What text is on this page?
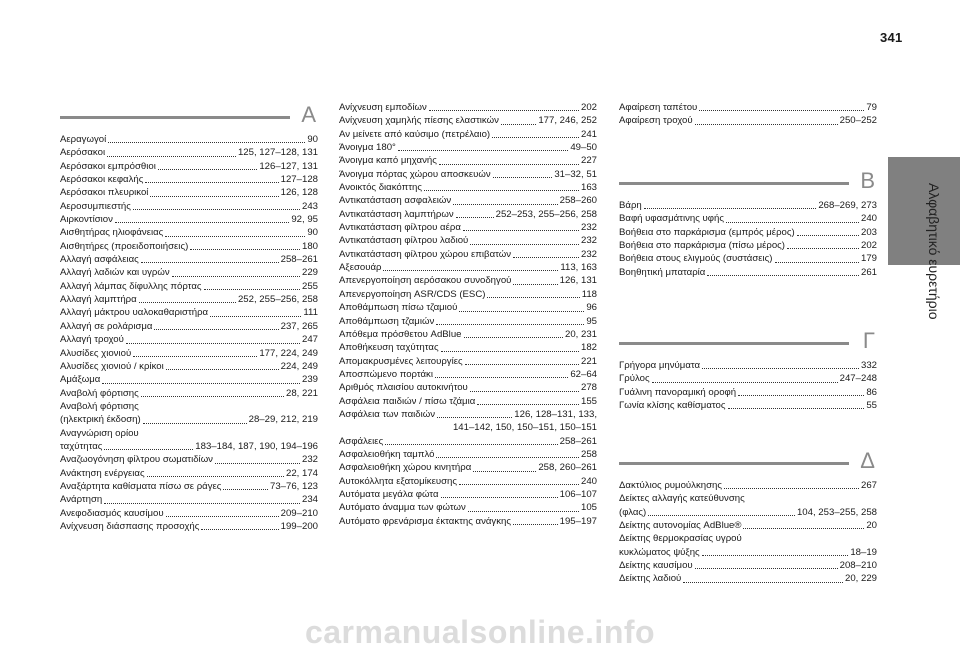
341
Αλφαβητικό ευρετήριο
A
Αεραγωγοί	90
Αερόσακοι	125, 127–128, 131
Αερόσακοι εμπρόσθιοι	126–127, 131
Αερόσακοι κεφαλής	127–128
Αερόσακοι πλευρικοί	126, 128
Αεροσυμπιεστής	243
Αιρκοντίσιον	92, 95
Αισθητήρας ηλιοφάνειας	90
Αισθητήρες (προειδοποιήσεις)	180
Αλλαγή ασφάλειας	258–261
Αλλαγή λαδιών και υγρών	229
Αλλαγή λάμπας δίφυλλης πόρτας	255
Αλλαγή λαμπτήρα	252, 255–256, 258
Αλλαγή μάκτρου υαλοκαθαριστήρα	111
Αλλαγή σε ρολάρισμα	237, 265
Αλλαγή τροχού	247
Αλυσίδες χιονιού	177, 224, 249
Αλυσίδες χιονιού / κρίκοι	224, 249
Αμάξωμα	239
Αναβολή φόρτισης	28, 221
Αναβολή φόρτισης
(ηλεκτρική έκδοση)	28–29, 212, 219
Αναγνώριση ορίου
ταχύτητας	183–184, 187, 190, 194–196
Αναζωογόνηση φίλτρου σωματιδίων	232
Ανάκτηση ενέργειας	22, 174
Αναξάρτητα καθίσματα πίσω σε ράγες	73–76, 123
Ανάρτηση	234
Ανεφοδιασμός καυσίμου	209–210
Ανίχνευση διάσπασης προσοχής	199–200
Ανίχνευση εμποδίων	202
Ανίχνευση χαμηλής πίεσης ελαστικών	177, 246, 252
Αν μείνετε από καύσιμο (πετρέλαιο)	241
Άνοιγμα 180°	49–50
Άνοιγμα καπό μηχανής	227
Άνοιγμα πόρτας χώρου αποσκευών	31–32, 51
Ανοικτός διακόπτης	163
Αντικατάσταση ασφαλειών	258–260
Αντικατάσταση λαμπτήρων	252–253, 255–256, 258
Αντικατάσταση φίλτρου αέρα	232
Αντικατάσταση φίλτρου λαδιού	232
Αντικατάσταση φίλτρου χώρου επιβατών	232
Αξεσουάρ	113, 163
Απενεργοποίηση αερόσακου συνοδηγού	126, 131
Απενεργοποίηση ASR/CDS (ESC)	118
Αποθάμπωση πίσω τζαμιού	96
Αποθάμπωση τζαμιών	95
Απόθεμα πρόσθετου AdBlue	20, 231
Αποθήκευση ταχύτητας	182
Απομακρυσμένες λειτουργίες	221
Αποσπώμενο πορτάκι	62–64
Αριθμός πλαισίου αυτοκινήτου	278
Ασφάλεια παιδιών / πίσω τζάμια	155
Ασφάλεια των παιδιών	126, 128–131, 133,
141–142, 150, 150–151, 150–151
Ασφάλειες	258–261
Ασφαλειοθήκη ταμπλό	258
Ασφαλειοθήκη χώρου κινητήρα	258, 260–261
Αυτοκόλλητα εξατομίκευσης	240
Αυτόματα μεγάλα φώτα	106–107
Αυτόματο άναμμα των φώτων	105
Αυτόματο φρενάρισμα έκτακτης ανάγκης	195–197
Αφαίρεση ταπέτου	79
Αφαίρεση τροχού	250–252
B
Βάρη	268–269, 273
Βαφή υφασμάτινης υφής	240
Βοήθεια στο παρκάρισμα (εμπρός μέρος)	203
Βοήθεια στο παρκάρισμα (πίσω μέρος)	202
Βοήθεια στους ελιγμούς (συστάσεις)	179
Βοηθητική μπαταρία	261
Γ
Γρήγορα μηνύματα	332
Γρύλος	247–248
Γυάλινη πανοραμική οροφή	86
Γωνία κλίσης καθίσματος	55
Δ
Δακτύλιος ρυμούλκησης	267
Δείκτες αλλαγής κατεύθυνσης
(φλας)	104, 253–255, 258
Δείκτης αυτονομίας AdBlue®	20
Δείκτης θερμοκρασίας υγρού
κυκλώματος ψύξης	18–19
Δείκτης καυσίμου	208–210
Δείκτης λαδιού	20, 229
carmanualsonline.info
